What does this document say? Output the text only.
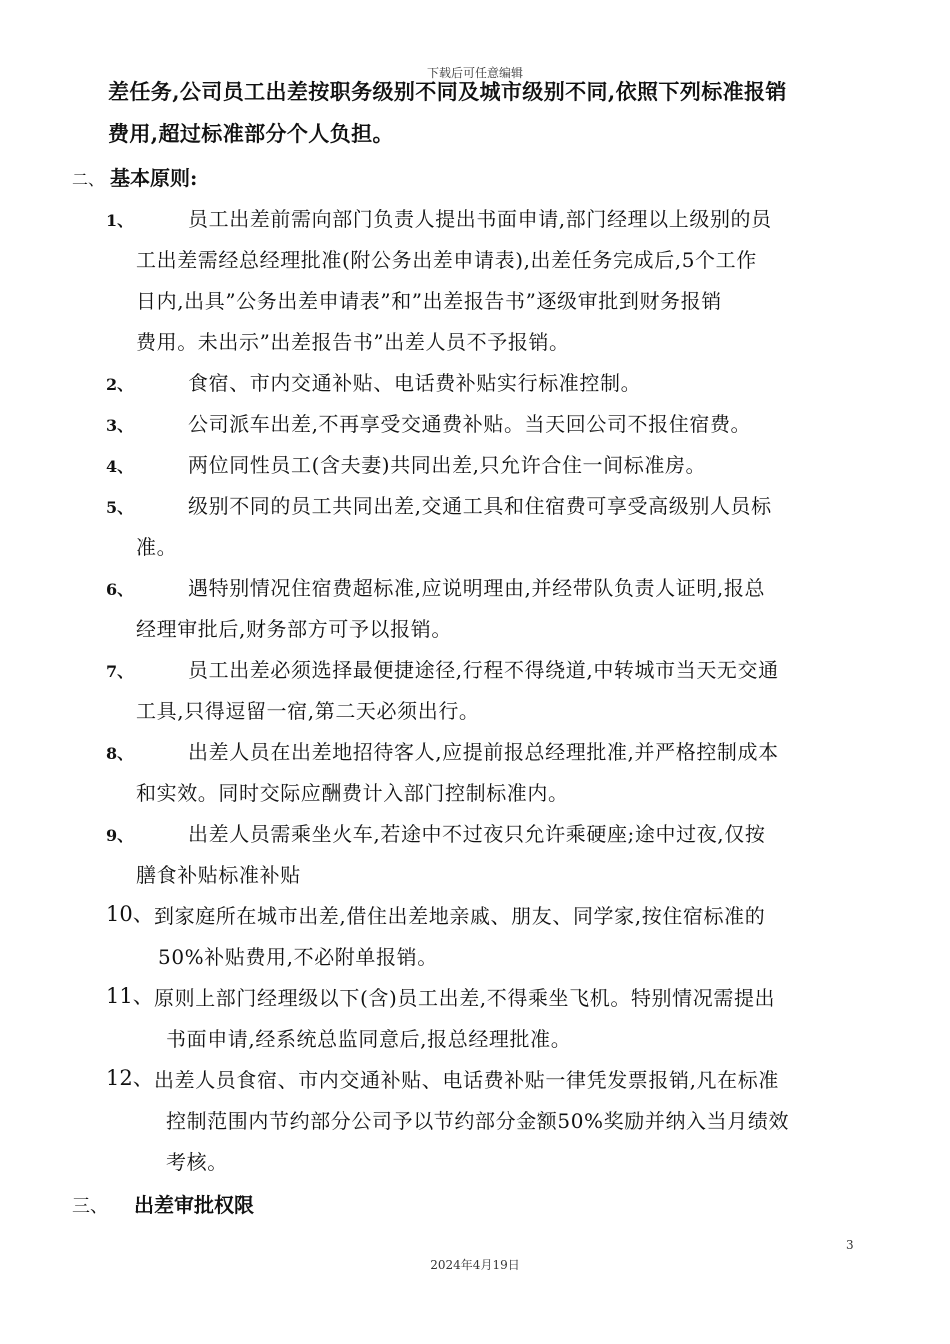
下载后可任意编辑
差任务,公司员工出差按职务级别不同及城市级别不同,依照下列标准报销
费用,超过标准部分个人负担。
二、 基本原则:
1、	员工出差前需向部门负责人提出书面申请,部门经理以上级别的员
工出差需经总经理批准(附公务出差申请表),出差任务完成后,5个工作
日内,出具”公务出差申请表”和”出差报告书”逐级审批到财务报销
费用。未出示”出差报告书”出差人员不予报销。
2、	食宿、市内交通补贴、电话费补贴实行标准控制。
3、	公司派车出差,不再享受交通费补贴。当天回公司不报住宿费。
4、	两位同性员工(含夫妻)共同出差,只允许合住一间标准房。
5、	级别不同的员工共同出差,交通工具和住宿费可享受高级别人员标
准。
6、	遇特别情况住宿费超标准,应说明理由,并经带队负责人证明,报总
经理审批后,财务部方可予以报销。
7、	员工出差必须选择最便捷途径,行程不得绕道,中转城市当天无交通
工具,只得逗留一宿,第二天必须出行。
8、	出差人员在出差地招待客人,应提前报总经理批准,并严格控制成本
和实效。同时交际应酬费计入部门控制标准内。
9、	出差人员需乘坐火车,若途中不过夜只允许乘硬座;途中过夜,仅按
膳食补贴标准补贴
10、 到家庭所在城市出差,借住出差地亲戚、朋友、同学家,按住宿标准的
50%补贴费用,不必附单报销。
11、 原则上部门经理级以下(含)员工出差,不得乘坐飞机。特别情况需提出
书面申请,经系统总监同意后,报总经理批准。
12、 出差人员食宿、市内交通补贴、电话费补贴一律凭发票报销,凡在标准
控制范围内节约部分公司予以节约部分金额50%奖励并纳入当月绩效
考核。
三、 出差审批权限
3
2024年4月19日
